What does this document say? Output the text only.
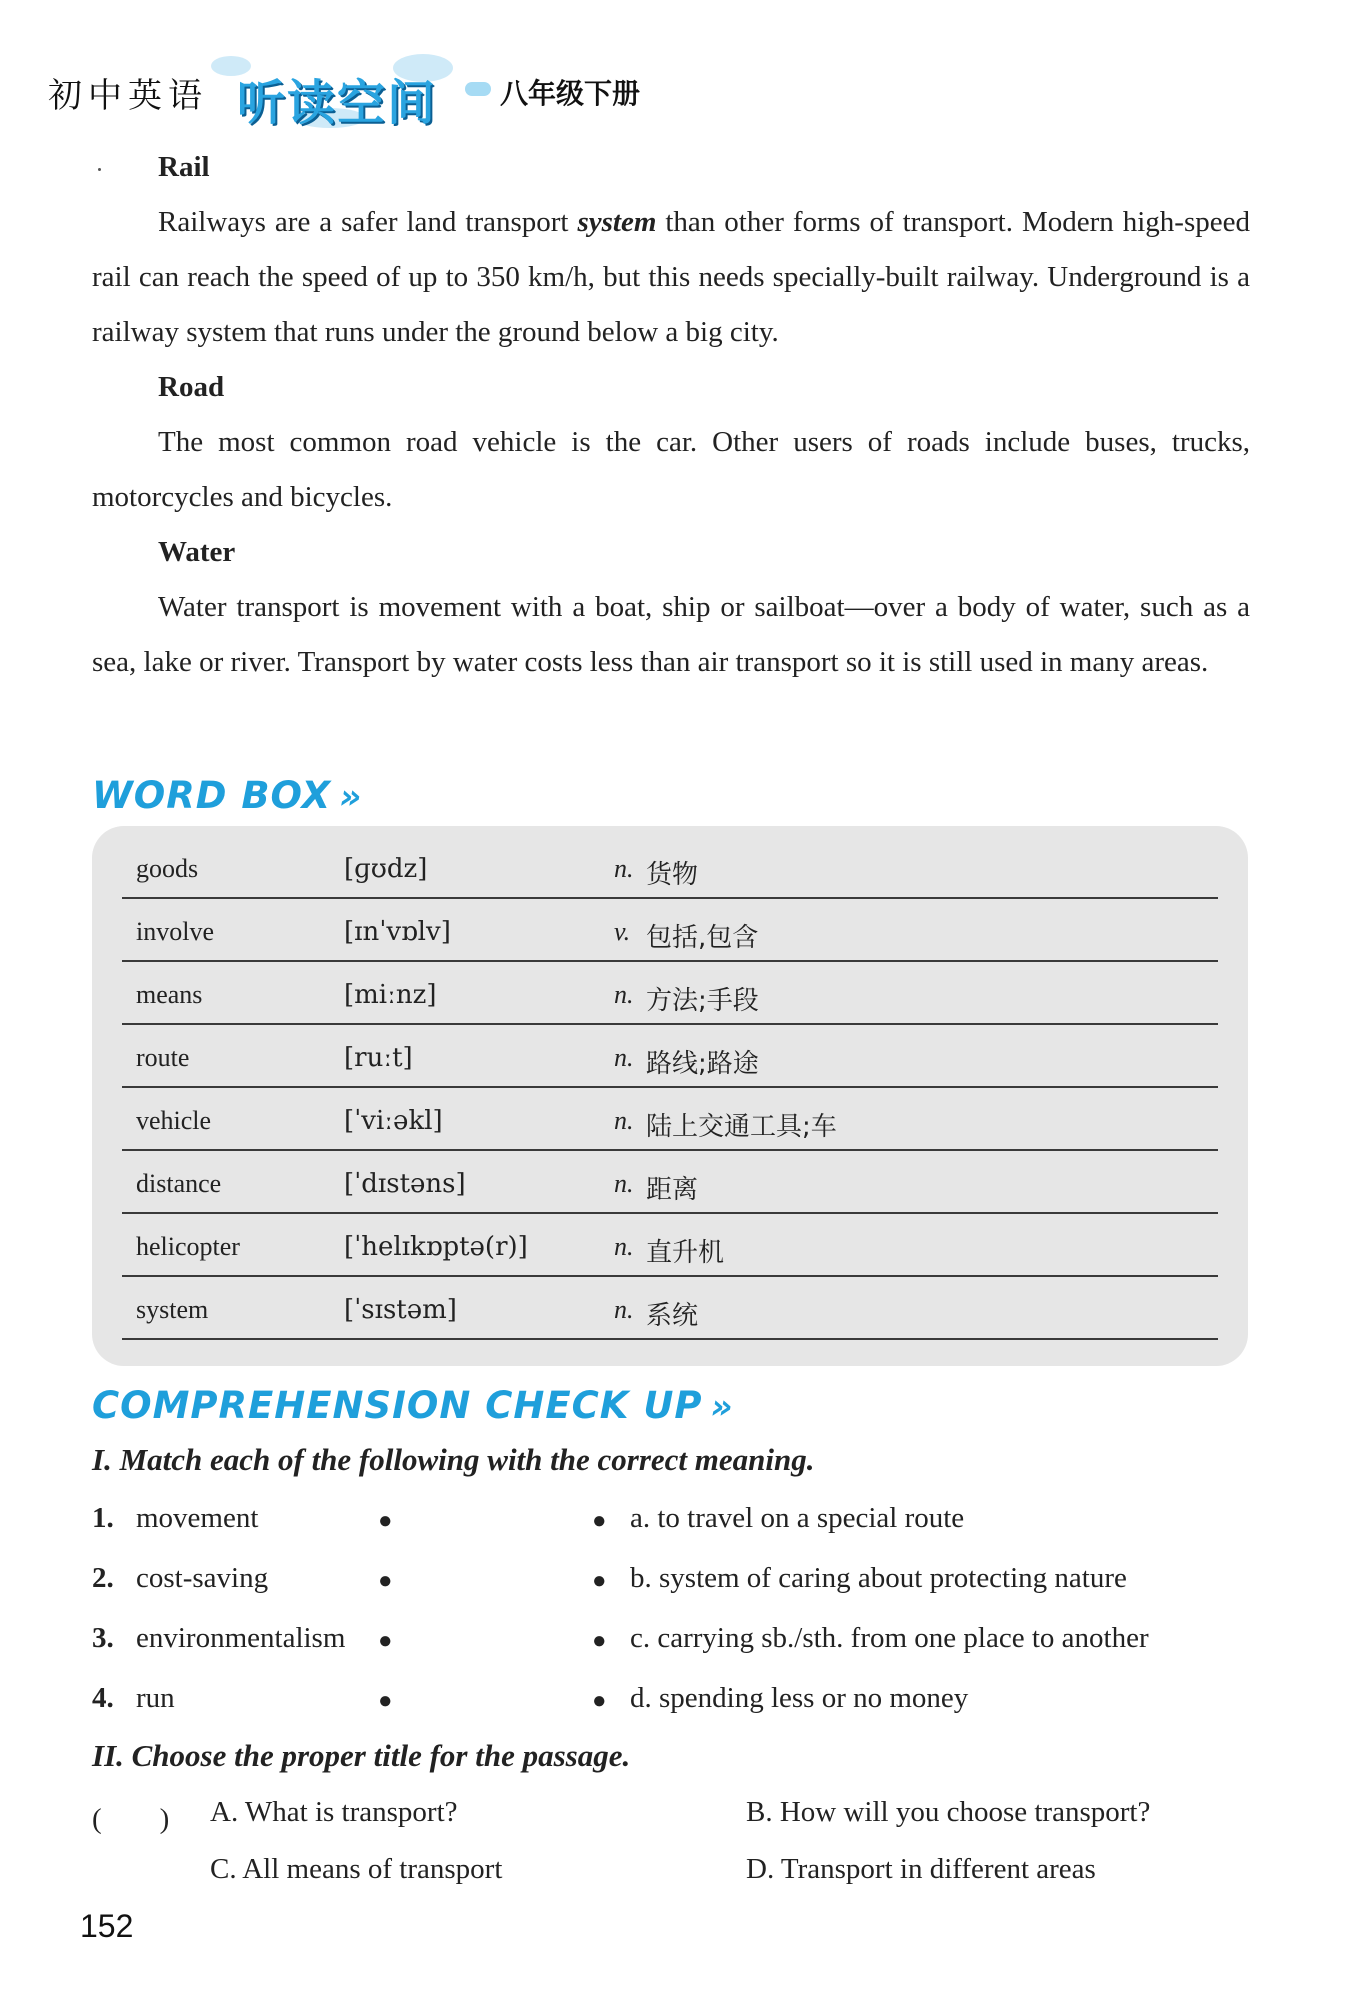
初中英语 听读空间 八年级下册
Rail

Railways are a safer land transport system than other forms of transport. Modern high-speed rail can reach the speed of up to 350 km/h, but this needs specially-built railway. Underground is a railway system that runs under the ground below a big city.

Road

The most common road vehicle is the car. Other users of roads include buses, trucks, motorcycles and bicycles.

Water

Water transport is movement with a boat, ship or sailboat—over a body of water, such as a sea, lake or river. Transport by water costs less than air transport so it is still used in many areas.

WORD BOX »
goods	[ɡʊdz]	n. 货物
involve	[ɪnˈvɒlv]	v. 包括,包含
means	[miːnz]	n. 方法;手段
route	[ruːt]	n. 路线;路途
vehicle	[ˈviːəkl]	n. 陆上交通工具;车
distance	[ˈdɪstəns]	n. 距离
helicopter	[ˈhelɪkɒptə(r)]	n. 直升机
system	[ˈsɪstəm]	n. 系统
COMPREHENSION CHECK UP »
I. Match each of the following with the correct meaning.
1. movement	●	● a. to travel on a special route
2. cost-saving	●	● b. system of caring about protecting nature
3. environmentalism ●	● c. carrying sb./sth. from one place to another
4. run	●	● d. spending less or no money
II. Choose the proper title for the passage.
(　　) A. What is transport?	B. How will you choose transport?
C. All means of transport	D. Transport in different areas
152
